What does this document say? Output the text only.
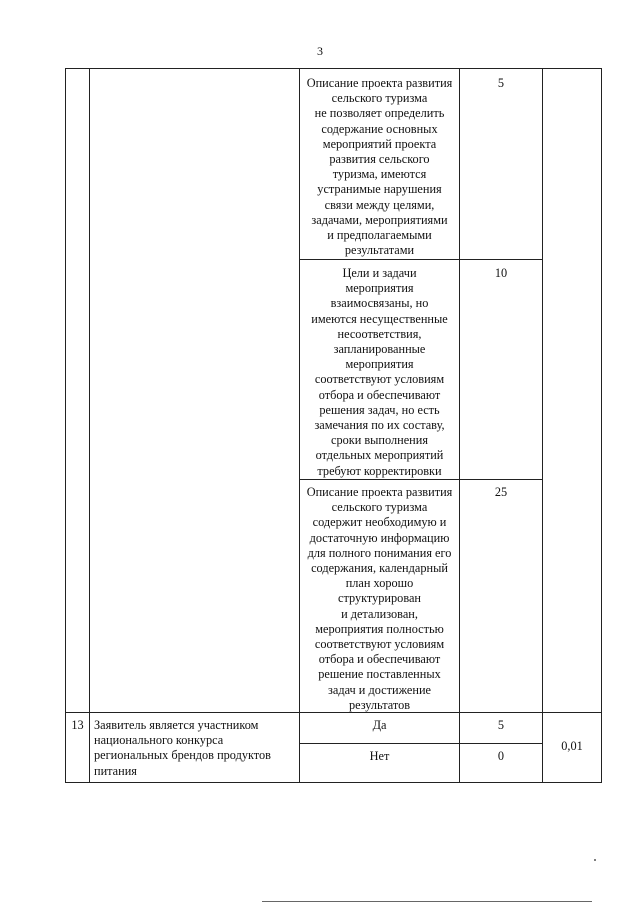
3
Описание проекта развития
сельского туризма
не позволяет определить
содержание основных
мероприятий проекта
развития сельского
туризма, имеются
устранимые нарушения
связи между целями,
задачами, мероприятиями
и предполагаемыми
результатами
5
Цели и задачи
мероприятия
взаимосвязаны, но
имеются несущественные
несоответствия,
запланированные
мероприятия
соответствуют условиям
отбора и обеспечивают
решения задач, но есть
замечания по их составу,
сроки выполнения
отдельных мероприятий
требуют корректировки
10
Описание проекта развития
сельского туризма
содержит необходимую и
достаточную информацию
для полного понимания его
содержания, календарный
план хорошо
структурирован
и детализован,
мероприятия полностью
соответствуют условиям
отбора и обеспечивают
решение поставленных
задач и достижение
результатов
25
13 Заявитель является участником
национального конкурса
региональных брендов продуктов
питания
Да	5
Нет	0
0,01
